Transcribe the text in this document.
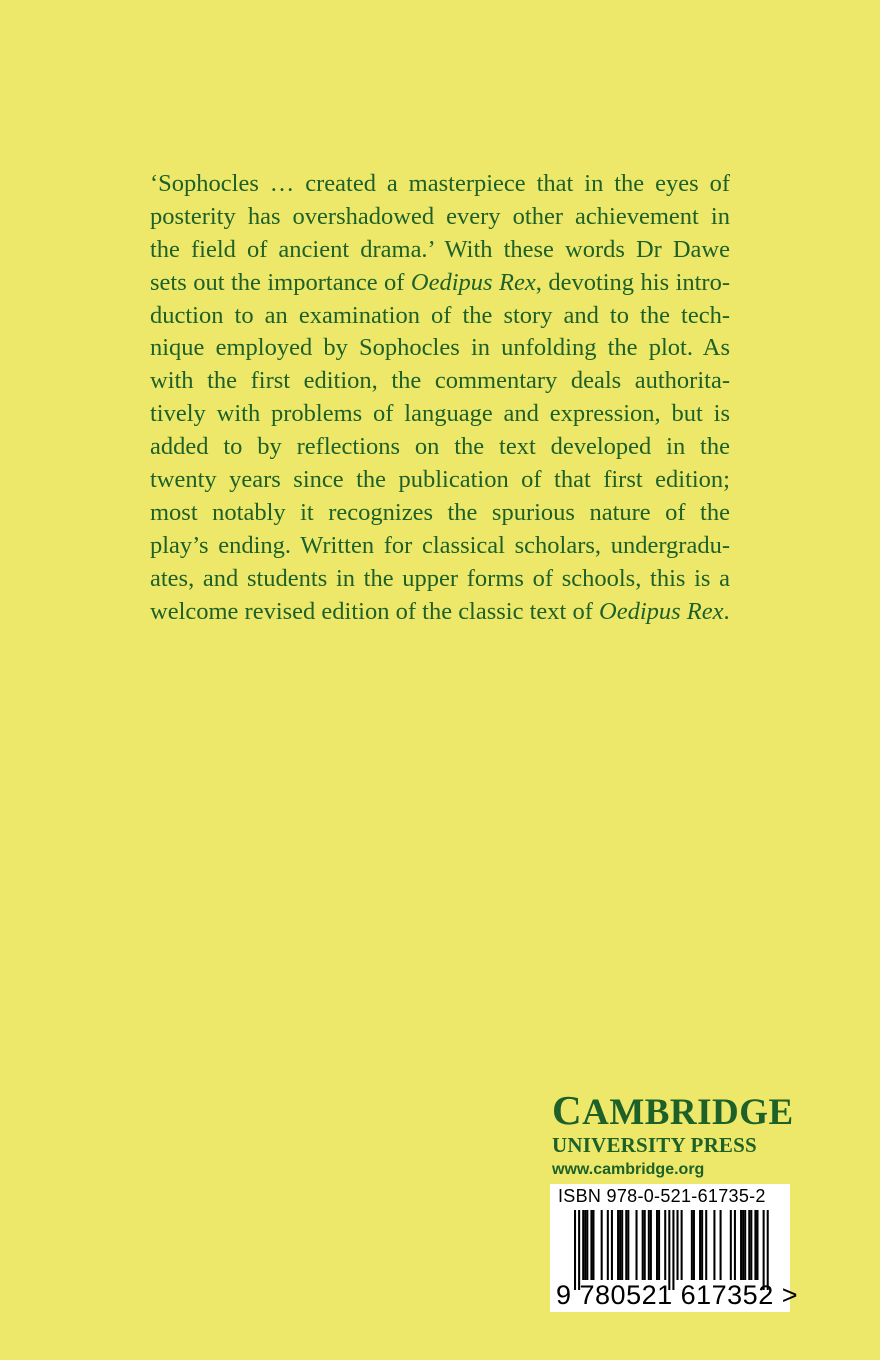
‘Sophocles … created a masterpiece that in the eyes of
posterity has overshadowed every other achievement in
the field of ancient drama.’ With these words Dr Dawe
sets out the importance of Oedipus Rex, devoting his intro-
duction to an examination of the story and to the tech-
nique employed by Sophocles in unfolding the plot. As
with the first edition, the commentary deals authorita-
tively with problems of language and expression, but is
added to by reflections on the text developed in the
twenty years since the publication of that first edition;
most notably it recognizes the spurious nature of the
play’s ending. Written for classical scholars, undergradu-
ates, and students in the upper forms of schools, this is a
welcome revised edition of the classic text of Oedipus Rex.
CAMBRIDGE
UNIVERSITY PRESS
www.cambridge.org
ISBN 978-0-521-61735-2
9 780521 617352 >
